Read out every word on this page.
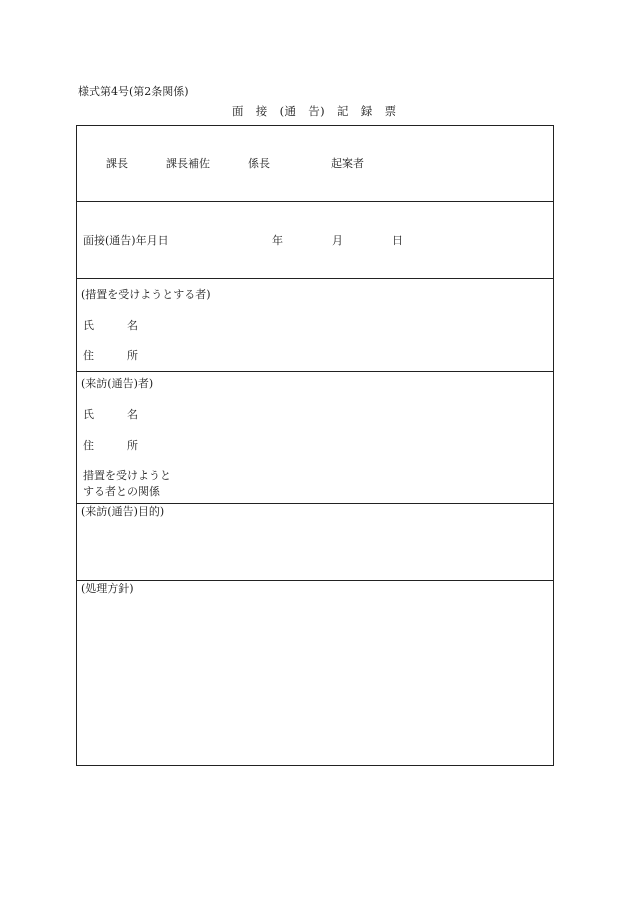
様式第4号(第2条関係)
面　接　(通　告)　記　録　票
課長	課長補佐	係長	起案者
面接(通告)年月日	年	月	日
(措置を受けようとする者)
氏　　　名
住　　　所
(来訪(通告)者)
氏　　　名
住　　　所
措置を受けようと
する者との関係
(来訪(通告)目的)
(処理方針)
